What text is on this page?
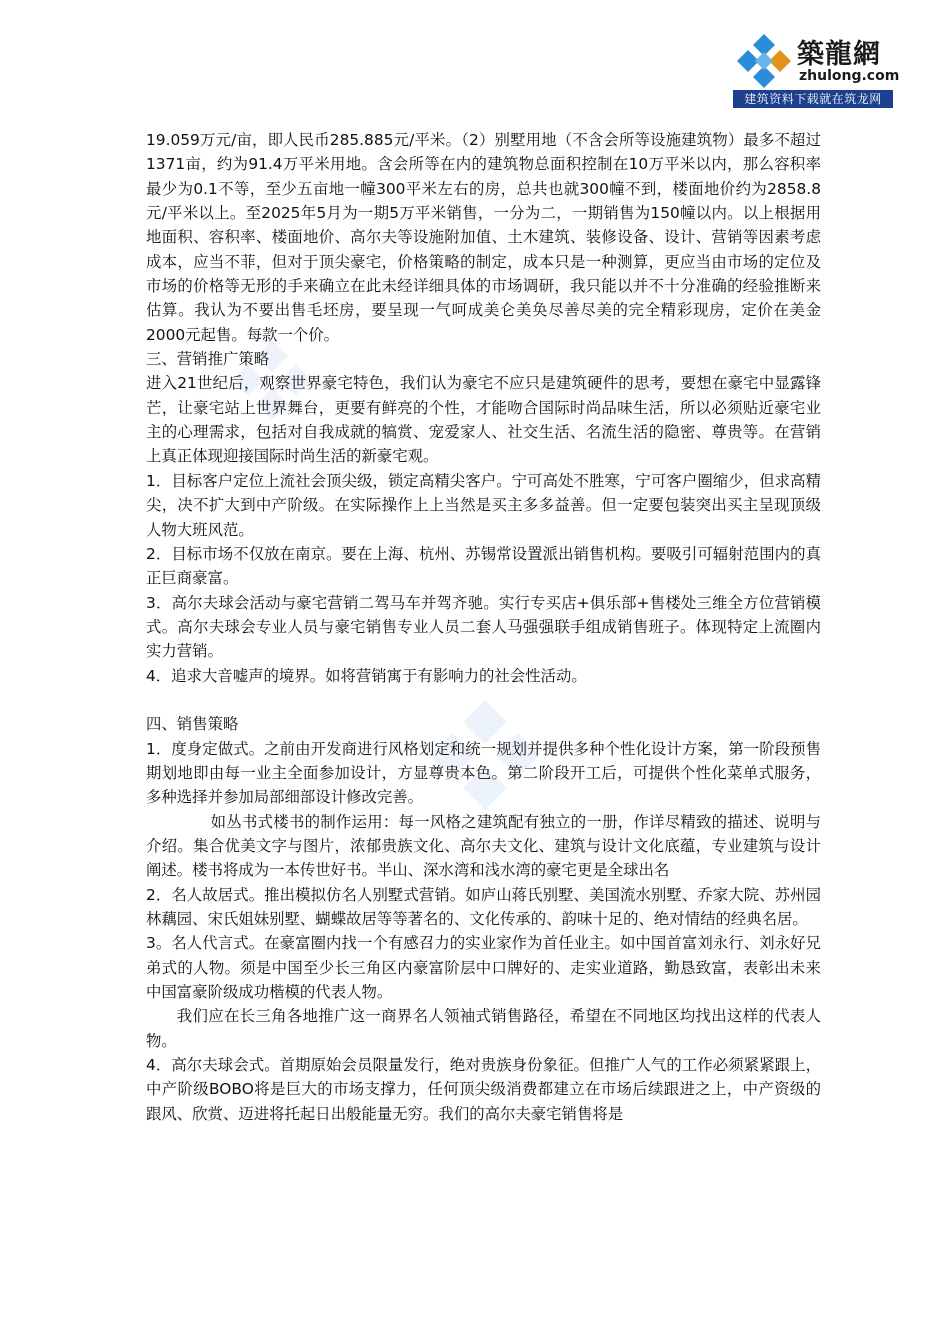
築龍網
zhulong.com
建筑资料下载就在筑龙网

19.059万元/亩，即人民币285.885元/平米。（2）别墅用地（不含会所等设施建筑物）最多不超过1371亩，约为91.4万平米用地。含会所等在内的建筑物总面积控制在10万平米以内，那么容积率最少为0.1不等，至少五亩地一幢300平米左右的房，总共也就300幢不到，楼面地价约为2858.8元/平米以上。至2025年5月为一期5万平米销售，一分为二，一期销售为150幢以内。以上根据用地面积、容积率、楼面地价、高尔夫等设施附加值、土木建筑、装修设备、设计、营销等因素考虑成本，应当不菲，但对于顶尖豪宅，价格策略的制定，成本只是一种测算，更应当由市场的定位及市场的价格等无形的手来确立在此未经详细具体的市场调研，我只能以并不十分准确的经验推断来估算。我认为不要出售毛坯房，要呈现一气呵成美仑美奂尽善尽美的完全精彩现房，定价在美金2000元起售。每款一个价。

三、营销推广策略

进入21世纪后，观察世界豪宅特色，我们认为豪宅不应只是建筑硬件的思考，要想在豪宅中显露锋芒，让豪宅站上世界舞台，更要有鲜亮的个性，才能吻合国际时尚品味生活，所以必须贴近豪宅业主的心理需求，包括对自我成就的犒赏、宠爱家人、社交生活、名流生活的隐密、尊贵等。在营销上真正体现迎接国际时尚生活的新豪宅观。

1．目标客户定位上流社会顶尖级，锁定高精尖客户。宁可高处不胜寒，宁可客户圈缩少，但求高精尖，决不扩大到中产阶级。在实际操作上上当然是买主多多益善。但一定要包装突出买主呈现顶级人物大班风范。

2．目标市场不仅放在南京。要在上海、杭州、苏锡常设置派出销售机构。要吸引可辐射范围内的真正巨商豪富。

3．高尔夫球会活动与豪宅营销二驾马车并驾齐驰。实行专买店+俱乐部+售楼处三维全方位营销模式。高尔夫球会专业人员与豪宅销售专业人员二套人马强强联手组成销售班子。体现特定上流圈内实力营销。

4．追求大音嘘声的境界。如将营销寓于有影响力的社会性活动。

四、销售策略

1．度身定做式。之前由开发商进行风格划定和统一规划并提供多种个性化设计方案，第一阶段预售期划地即由每一业主全面参加设计，方显尊贵本色。第二阶段开工后，可提供个性化菜单式服务，多种选择并参加局部细部设计修改完善。

如丛书式楼书的制作运用：每一风格之建筑配有独立的一册，作详尽精致的描述、说明与介绍。集合优美文字与图片，浓郁贵族文化、高尔夫文化、建筑与设计文化底蕴，专业建筑与设计阐述。楼书将成为一本传世好书。半山、深水湾和浅水湾的豪宅更是全球出名

2．名人故居式。推出模拟仿名人别墅式营销。如庐山蒋氏别墅、美国流水别墅、乔家大院、苏州园林藕园、宋氏姐妹别墅、蝴蝶故居等等著名的、文化传承的、韵味十足的、绝对情结的经典名居。

3。名人代言式。在豪富圈内找一个有感召力的实业家作为首任业主。如中国首富刘永行、刘永好兄弟式的人物。须是中国至少长三角区内豪富阶层中口牌好的、走实业道路，勤恳致富，表彰出未来中国富豪阶级成功楷模的代表人物。

我们应在长三角各地推广这一商界名人领袖式销售路径，希望在不同地区均找出这样的代表人物。

4．高尔夫球会式。首期原始会员限量发行，绝对贵族身份象征。但推广人气的工作必须紧紧跟上，中产阶级BOBO将是巨大的市场支撑力，任何顶尖级消费都建立在市场后续跟进之上，中产资级的跟风、欣赏、迈进将托起日出般能量无穷。我们的高尔夫豪宅销售将是
